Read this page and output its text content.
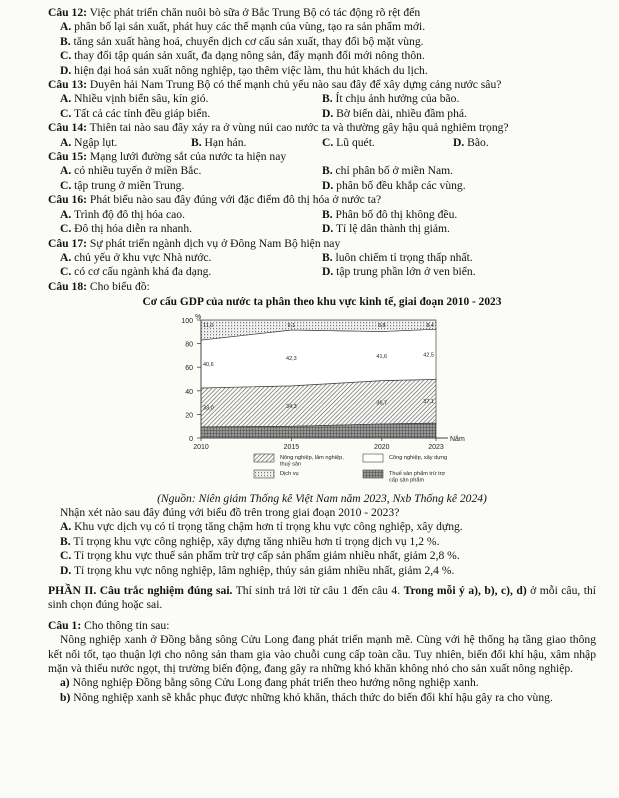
Câu 12: Việc phát triển chăn nuôi bò sữa ở Bắc Trung Bộ có tác động rõ rệt đến
A. phân bố lại sản xuất, phát huy các thế mạnh của vùng, tạo ra sản phẩm mới.
B. tăng sản xuất hàng hoá, chuyển dịch cơ cấu sản xuất, thay đổi bộ mặt vùng.
C. thay đổi tập quán sản xuất, đa dạng nông sản, đẩy mạnh đổi mới nông thôn.
D. hiện đại hoá sản xuất nông nghiệp, tạo thêm việc làm, thu hút khách du lịch.
Câu 13: Duyên hải Nam Trung Bộ có thế mạnh chủ yếu nào sau đây để xây dựng cảng nước sâu?
A. Nhiều vịnh biển sâu, kín gió.	B. Ít chịu ảnh hưởng của bão.
C. Tất cả các tỉnh đều giáp biển.	D. Bờ biển dài, nhiều đầm phá.
Câu 14: Thiên tai nào sau đây xảy ra ở vùng núi cao nước ta và thường gây hậu quả nghiêm trọng?
A. Ngập lụt.	B. Hạn hán.	C. Lũ quét.	D. Bão.
Câu 15: Mạng lưới đường sắt của nước ta hiện nay
A. có nhiều tuyến ở miền Bắc.	B. chỉ phân bố ở miền Nam.
C. tập trung ở miền Trung.	D. phân bố đều khắp các vùng.
Câu 16: Phát biểu nào sau đây đúng với đặc điểm đô thị hóa ở nước ta?
A. Trình độ đô thị hóa cao.	B. Phân bố đô thị không đều.
C. Đô thị hóa diễn ra nhanh.	D. Tỉ lệ dân thành thị giảm.
Câu 17: Sự phát triển ngành dịch vụ ở Đông Nam Bộ hiện nay
A. chủ yếu ở khu vực Nhà nước.	B. luôn chiếm tỉ trọng thấp nhất.
C. có cơ cấu ngành khá đa dạng.	D. tập trung phần lớn ở ven biển.
Câu 18: Cho biểu đồ:
Cơ cấu GDP của nước ta phân theo khu vực kinh tế, giai đoạn 2010 - 2023
0
20
40
60
80
100
%
33,0	34,3
36,7	37,1
40,6
42,3	41,6	42,5
11,0	9,1	8,8	8,4
2010	2015	2020	2023
Năm
Nông nghiệp, lâm nghiệp, thuỷ sản
Công nghiệp, xây dựng
Dịch vụ	Thuế sản phẩm trừ trợ cấp sản phẩm
(Nguồn: Niên giám Thống kê Việt Nam năm 2023, Nxb Thống kê 2024)
Nhận xét nào sau đây đúng với biểu đồ trên trong giai đoạn 2010 - 2023?
A. Khu vực dịch vụ có tỉ trọng tăng chậm hơn tỉ trọng khu vực công nghiệp, xây dựng.
B. Tỉ trọng khu vực công nghiệp, xây dựng tăng nhiều hơn tỉ trọng dịch vụ 1,2 %.
C. Tỉ trọng khu vực thuế sản phẩm trừ trợ cấp sản phẩm giảm nhiều nhất, giảm 2,8 %.
D. Tỉ trọng khu vực nông nghiệp, lâm nghiệp, thủy sản giảm nhiều nhất, giảm 2,4 %.
PHẦN II. Câu trắc nghiệm đúng sai. Thí sinh trả lời từ câu 1 đến câu 4. Trong mỗi ý a), b), c), d) ở mỗi câu, thí sinh chọn đúng hoặc sai.
Câu 1: Cho thông tin sau:
Nông nghiệp xanh ở Đồng bằng sông Cửu Long đang phát triển mạnh mẽ. Cùng với hệ thống hạ tầng giao thông kết nối tốt, tạo thuận lợi cho nông sản tham gia vào chuỗi cung cấp toàn cầu. Tuy nhiên, biến đổi khí hậu, xâm nhập mặn và thiếu nước ngọt, thị trường biến động, đang gây ra những khó khăn không nhỏ cho sản xuất nông nghiệp.
a) Nông nghiệp Đồng bằng sông Cửu Long đang phát triển theo hướng nông nghiệp xanh.
b) Nông nghiệp xanh sẽ khắc phục được những khó khăn, thách thức do biến đổi khí hậu gây ra cho vùng.
